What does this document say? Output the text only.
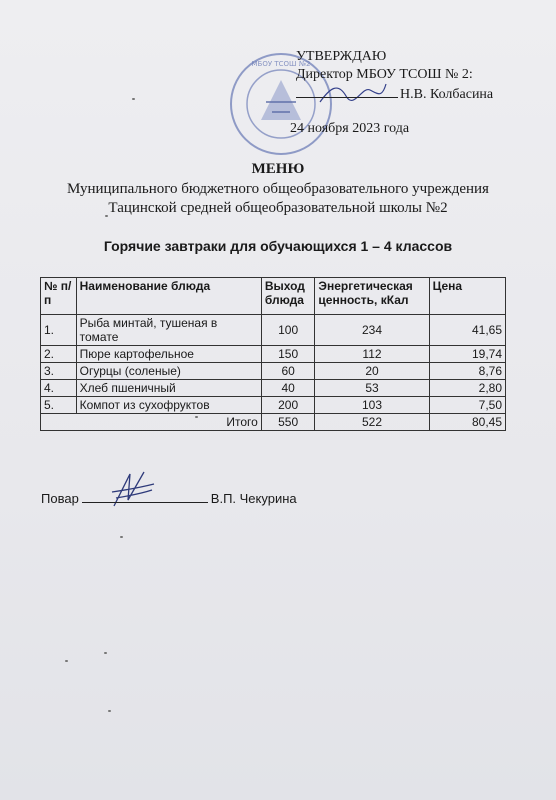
МБОУ ТСОШ №2
УТВЕРЖДАЮ
Директор МБОУ ТСОШ № 2:
Н.В. Колбасина
24 ноября 2023 года
МЕНЮ
Муниципального бюджетного общеобразовательного учреждения
Тацинской средней общеобразовательной школы №2
Горячие завтраки для обучающихся 1 – 4 классов
№ п/п	Наименование блюда	Выход блюда	Энергетическая ценность, кКал	Цена
1.	Рыба минтай, тушеная в томате	100	234	41,65
2.	Пюре картофельное	150	112	19,74
3.	Огурцы (соленые)	60	20	8,76
4.	Хлеб пшеничный	40	53	2,80
5.	Компот из сухофруктов	200	103	7,50
Итого		550	522	80,45
Повар	В.П. Чекурина
